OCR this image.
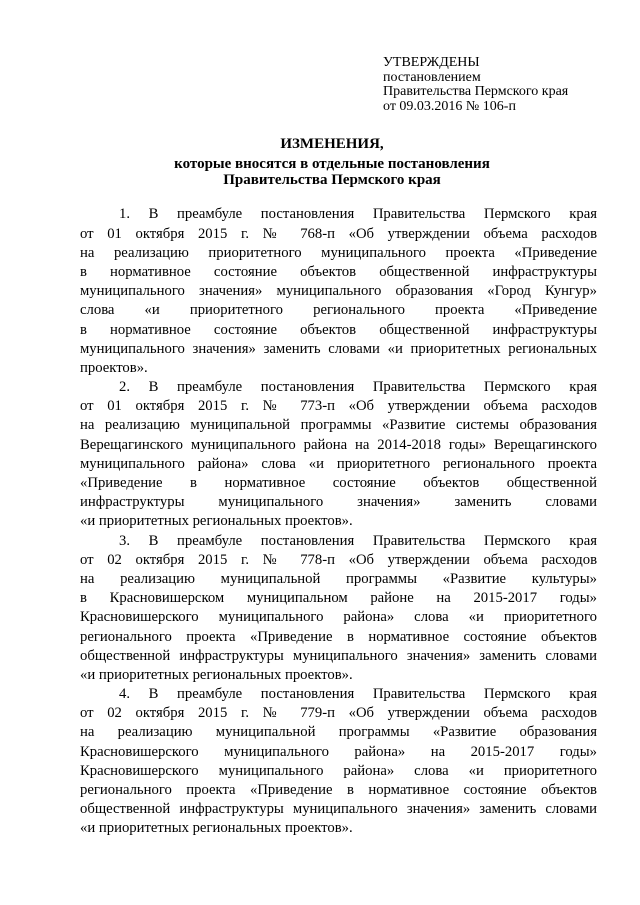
УТВЕРЖДЕНЫ
постановлением
Правительства Пермского края
от 09.03.2016 № 106-п
ИЗМЕНЕНИЯ,
которые вносятся в отдельные постановления
Правительства Пермского края
1. В преамбуле постановления Правительства Пермского края
от 01 октября 2015 г. № 768-п «Об утверждении объема расходов
на реализацию приоритетного муниципального проекта «Приведение
в нормативное состояние объектов общественной инфраструктуры
муниципального значения» муниципального образования «Город Кунгур»
слова «и приоритетного регионального проекта «Приведение
в нормативное состояние объектов общественной инфраструктуры
муниципального значения» заменить словами «и приоритетных региональных
проектов».
2. В преамбуле постановления Правительства Пермского края
от 01 октября 2015 г. № 773-п «Об утверждении объема расходов
на реализацию муниципальной программы «Развитие системы образования
Верещагинского муниципального района на 2014-2018 годы» Верещагинского
муниципального района» слова «и приоритетного регионального проекта
«Приведение в нормативное состояние объектов общественной
инфраструктуры муниципального значения» заменить словами
«и приоритетных региональных проектов».
3. В преамбуле постановления Правительства Пермского края
от 02 октября 2015 г. № 778-п «Об утверждении объема расходов
на реализацию муниципальной программы «Развитие культуры»
в Красновишерском муниципальном районе на 2015-2017 годы»
Красновишерского муниципального района» слова «и приоритетного
регионального проекта «Приведение в нормативное состояние объектов
общественной инфраструктуры муниципального значения» заменить словами
«и приоритетных региональных проектов».
4. В преамбуле постановления Правительства Пермского края
от 02 октября 2015 г. № 779-п «Об утверждении объема расходов
на реализацию муниципальной программы «Развитие образования
Красновишерского муниципального района» на 2015-2017 годы»
Красновишерского муниципального района» слова «и приоритетного
регионального проекта «Приведение в нормативное состояние объектов
общественной инфраструктуры муниципального значения» заменить словами
«и приоритетных региональных проектов».
